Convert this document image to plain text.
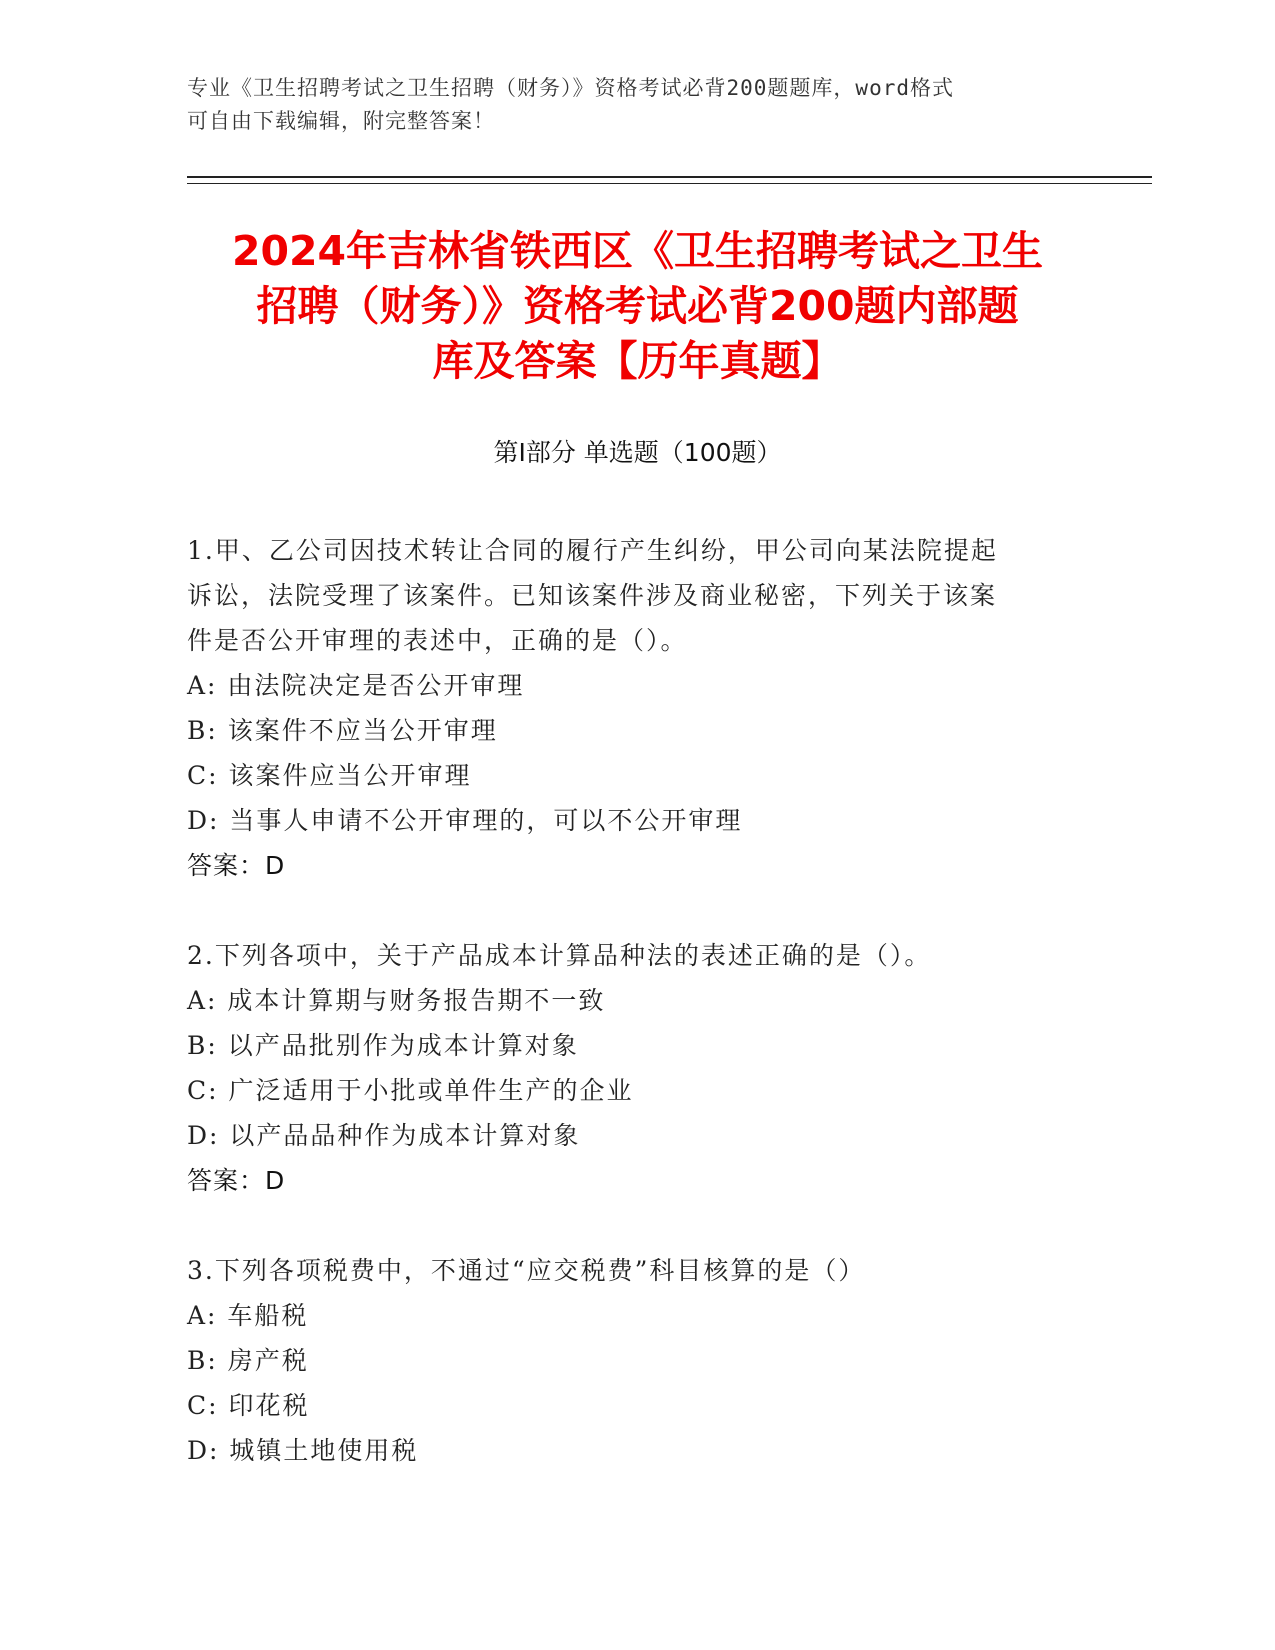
专业《卫生招聘考试之卫生招聘（财务）》资格考试必背200题题库，word格式
可自由下载编辑，附完整答案！
2024年吉林省铁西区《卫生招聘考试之卫生
招聘（财务）》资格考试必背200题内部题
库及答案【历年真题】
第I部分 单选题（100题）
1.甲、乙公司因技术转让合同的履行产生纠纷，甲公司向某法院提起
诉讼，法院受理了该案件。已知该案件涉及商业秘密，下列关于该案
件是否公开审理的表述中，正确的是（）。
A: 由法院决定是否公开审理
B: 该案件不应当公开审理
C: 该案件应当公开审理
D: 当事人申请不公开审理的，可以不公开审理
答案：D
2.下列各项中，关于产品成本计算品种法的表述正确的是（）。
A: 成本计算期与财务报告期不一致
B: 以产品批别作为成本计算对象
C: 广泛适用于小批或单件生产的企业
D: 以产品品种作为成本计算对象
答案：D
3.下列各项税费中，不通过“应交税费”科目核算的是（）
A: 车船税
B: 房产税
C: 印花税
D: 城镇土地使用税
